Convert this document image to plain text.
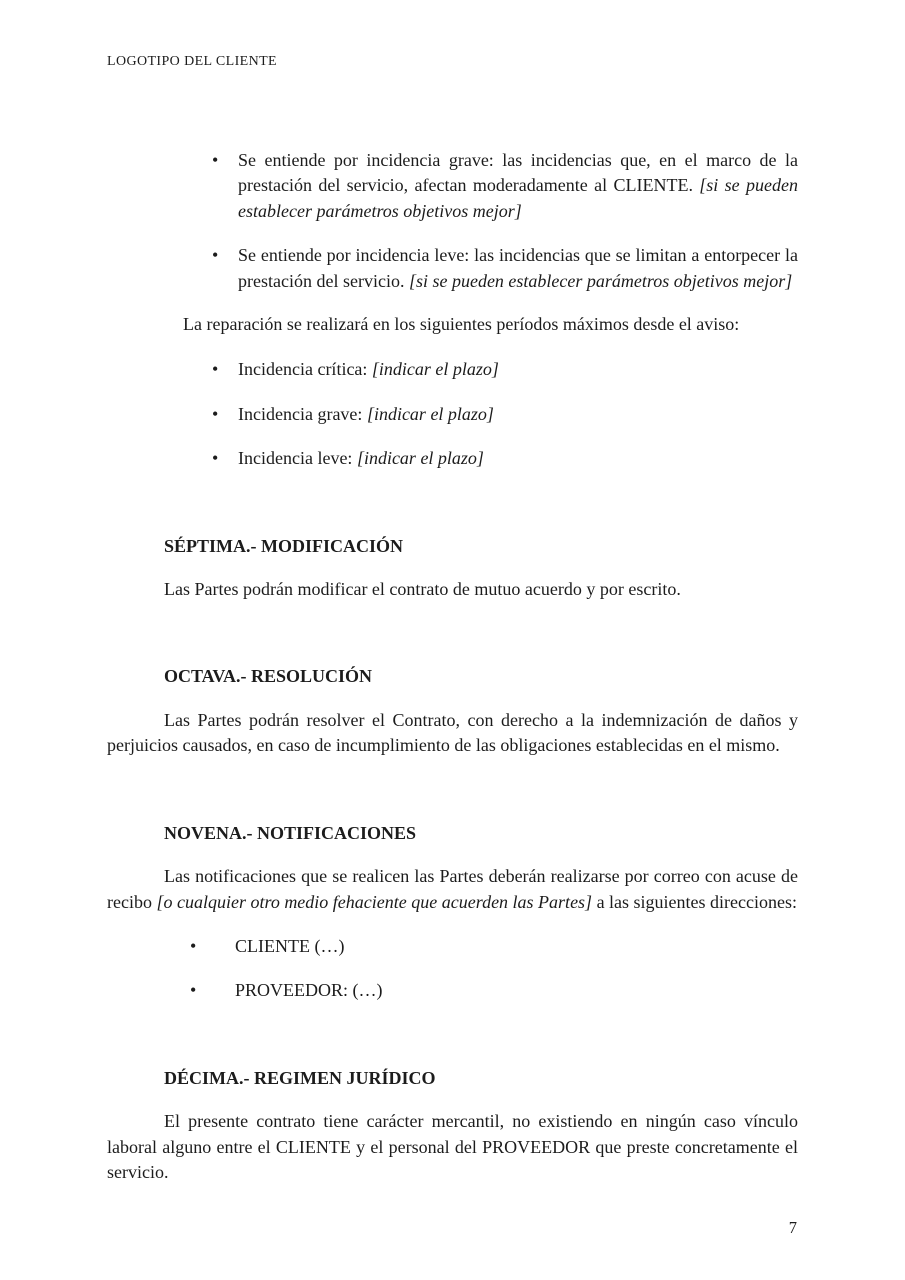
LOGOTIPO DEL CLIENTE
• Se entiende por incidencia grave: las incidencias que, en el marco de la prestación del servicio, afectan moderadamente al CLIENTE. [si se pueden establecer parámetros objetivos mejor]
• Se entiende por incidencia leve: las incidencias que se limitan a entorpecer la prestación del servicio. [si se pueden establecer parámetros objetivos mejor]

La reparación se realizará en los siguientes períodos máximos desde el aviso:

• Incidencia crítica: [indicar el plazo]
• Incidencia grave: [indicar el plazo]
• Incidencia leve: [indicar el plazo]
SÉPTIMA.- MODIFICACIÓN

Las Partes podrán modificar el contrato de mutuo acuerdo y por escrito.

OCTAVA.- RESOLUCIÓN

Las Partes podrán resolver el Contrato, con derecho a la indemnización de daños y perjuicios causados, en caso de incumplimiento de las obligaciones establecidas en el mismo.

NOVENA.- NOTIFICACIONES

Las notificaciones que se realicen las Partes deberán realizarse por correo con acuse de recibo [o cualquier otro medio fehaciente que acuerden las Partes] a las siguientes direcciones:

• CLIENTE (…)
• PROVEEDOR: (…)
DÉCIMA.- REGIMEN JURÍDICO

El presente contrato tiene carácter mercantil, no existiendo en ningún caso vínculo laboral alguno entre el CLIENTE y el personal del PROVEEDOR que preste concretamente el servicio.

7
